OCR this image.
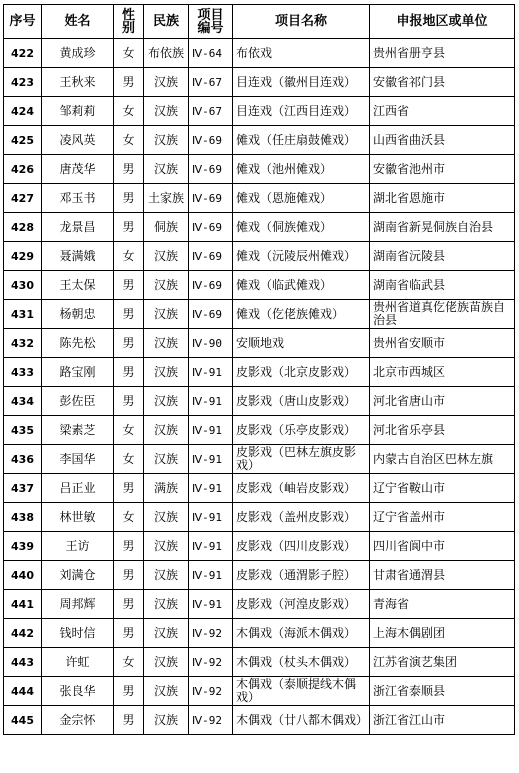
序号	姓名	性别	民族	项目编号	项目名称	申报地区或单位
422	黄成珍	女	布依族	Ⅳ-64	布依戏	贵州省册亨县
423	王秋来	男	汉族	Ⅳ-67	目连戏（徽州目连戏）	安徽省祁门县
424	邹莉莉	女	汉族	Ⅳ-67	目连戏（江西目连戏）	江西省
425	凌风英	女	汉族	Ⅳ-69	傩戏（任庄扇鼓傩戏）	山西省曲沃县
426	唐茂华	男	汉族	Ⅳ-69	傩戏（池州傩戏）	安徽省池州市
427	邓玉书	男	土家族	Ⅳ-69	傩戏（恩施傩戏）	湖北省恩施市
428	龙景昌	男	侗族	Ⅳ-69	傩戏（侗族傩戏）	湖南省新晃侗族自治县
429	聂满娥	女	汉族	Ⅳ-69	傩戏（沅陵辰州傩戏）	湖南省沅陵县
430	王太保	男	汉族	Ⅳ-69	傩戏（临武傩戏）	湖南省临武县
431	杨朝忠	男	汉族	Ⅳ-69	傩戏（仡佬族傩戏）	贵州省道真仡佬族苗族自治县
432	陈先松	男	汉族	Ⅳ-90	安顺地戏	贵州省安顺市
433	路宝刚	男	汉族	Ⅳ-91	皮影戏（北京皮影戏）	北京市西城区
434	彭佐臣	男	汉族	Ⅳ-91	皮影戏（唐山皮影戏）	河北省唐山市
435	梁素芝	女	汉族	Ⅳ-91	皮影戏（乐亭皮影戏）	河北省乐亭县
436	李国华	女	汉族	Ⅳ-91	皮影戏（巴林左旗皮影戏）	内蒙古自治区巴林左旗
437	吕正业	男	满族	Ⅳ-91	皮影戏（岫岩皮影戏）	辽宁省鞍山市
438	林世敏	女	汉族	Ⅳ-91	皮影戏（盖州皮影戏）	辽宁省盖州市
439	王访	男	汉族	Ⅳ-91	皮影戏（四川皮影戏）	四川省阆中市
440	刘满仓	男	汉族	Ⅳ-91	皮影戏（通渭影子腔）	甘肃省通渭县
441	周邦辉	男	汉族	Ⅳ-91	皮影戏（河湟皮影戏）	青海省
442	钱时信	男	汉族	Ⅳ-92	木偶戏（海派木偶戏）	上海木偶剧团
443	许虹	女	汉族	Ⅳ-92	木偶戏（杖头木偶戏）	江苏省演艺集团
444	张良华	男	汉族	Ⅳ-92	木偶戏（泰顺提线木偶戏）	浙江省泰顺县
445	金宗怀	男	汉族	Ⅳ-92	木偶戏（廿八都木偶戏）	浙江省江山市
